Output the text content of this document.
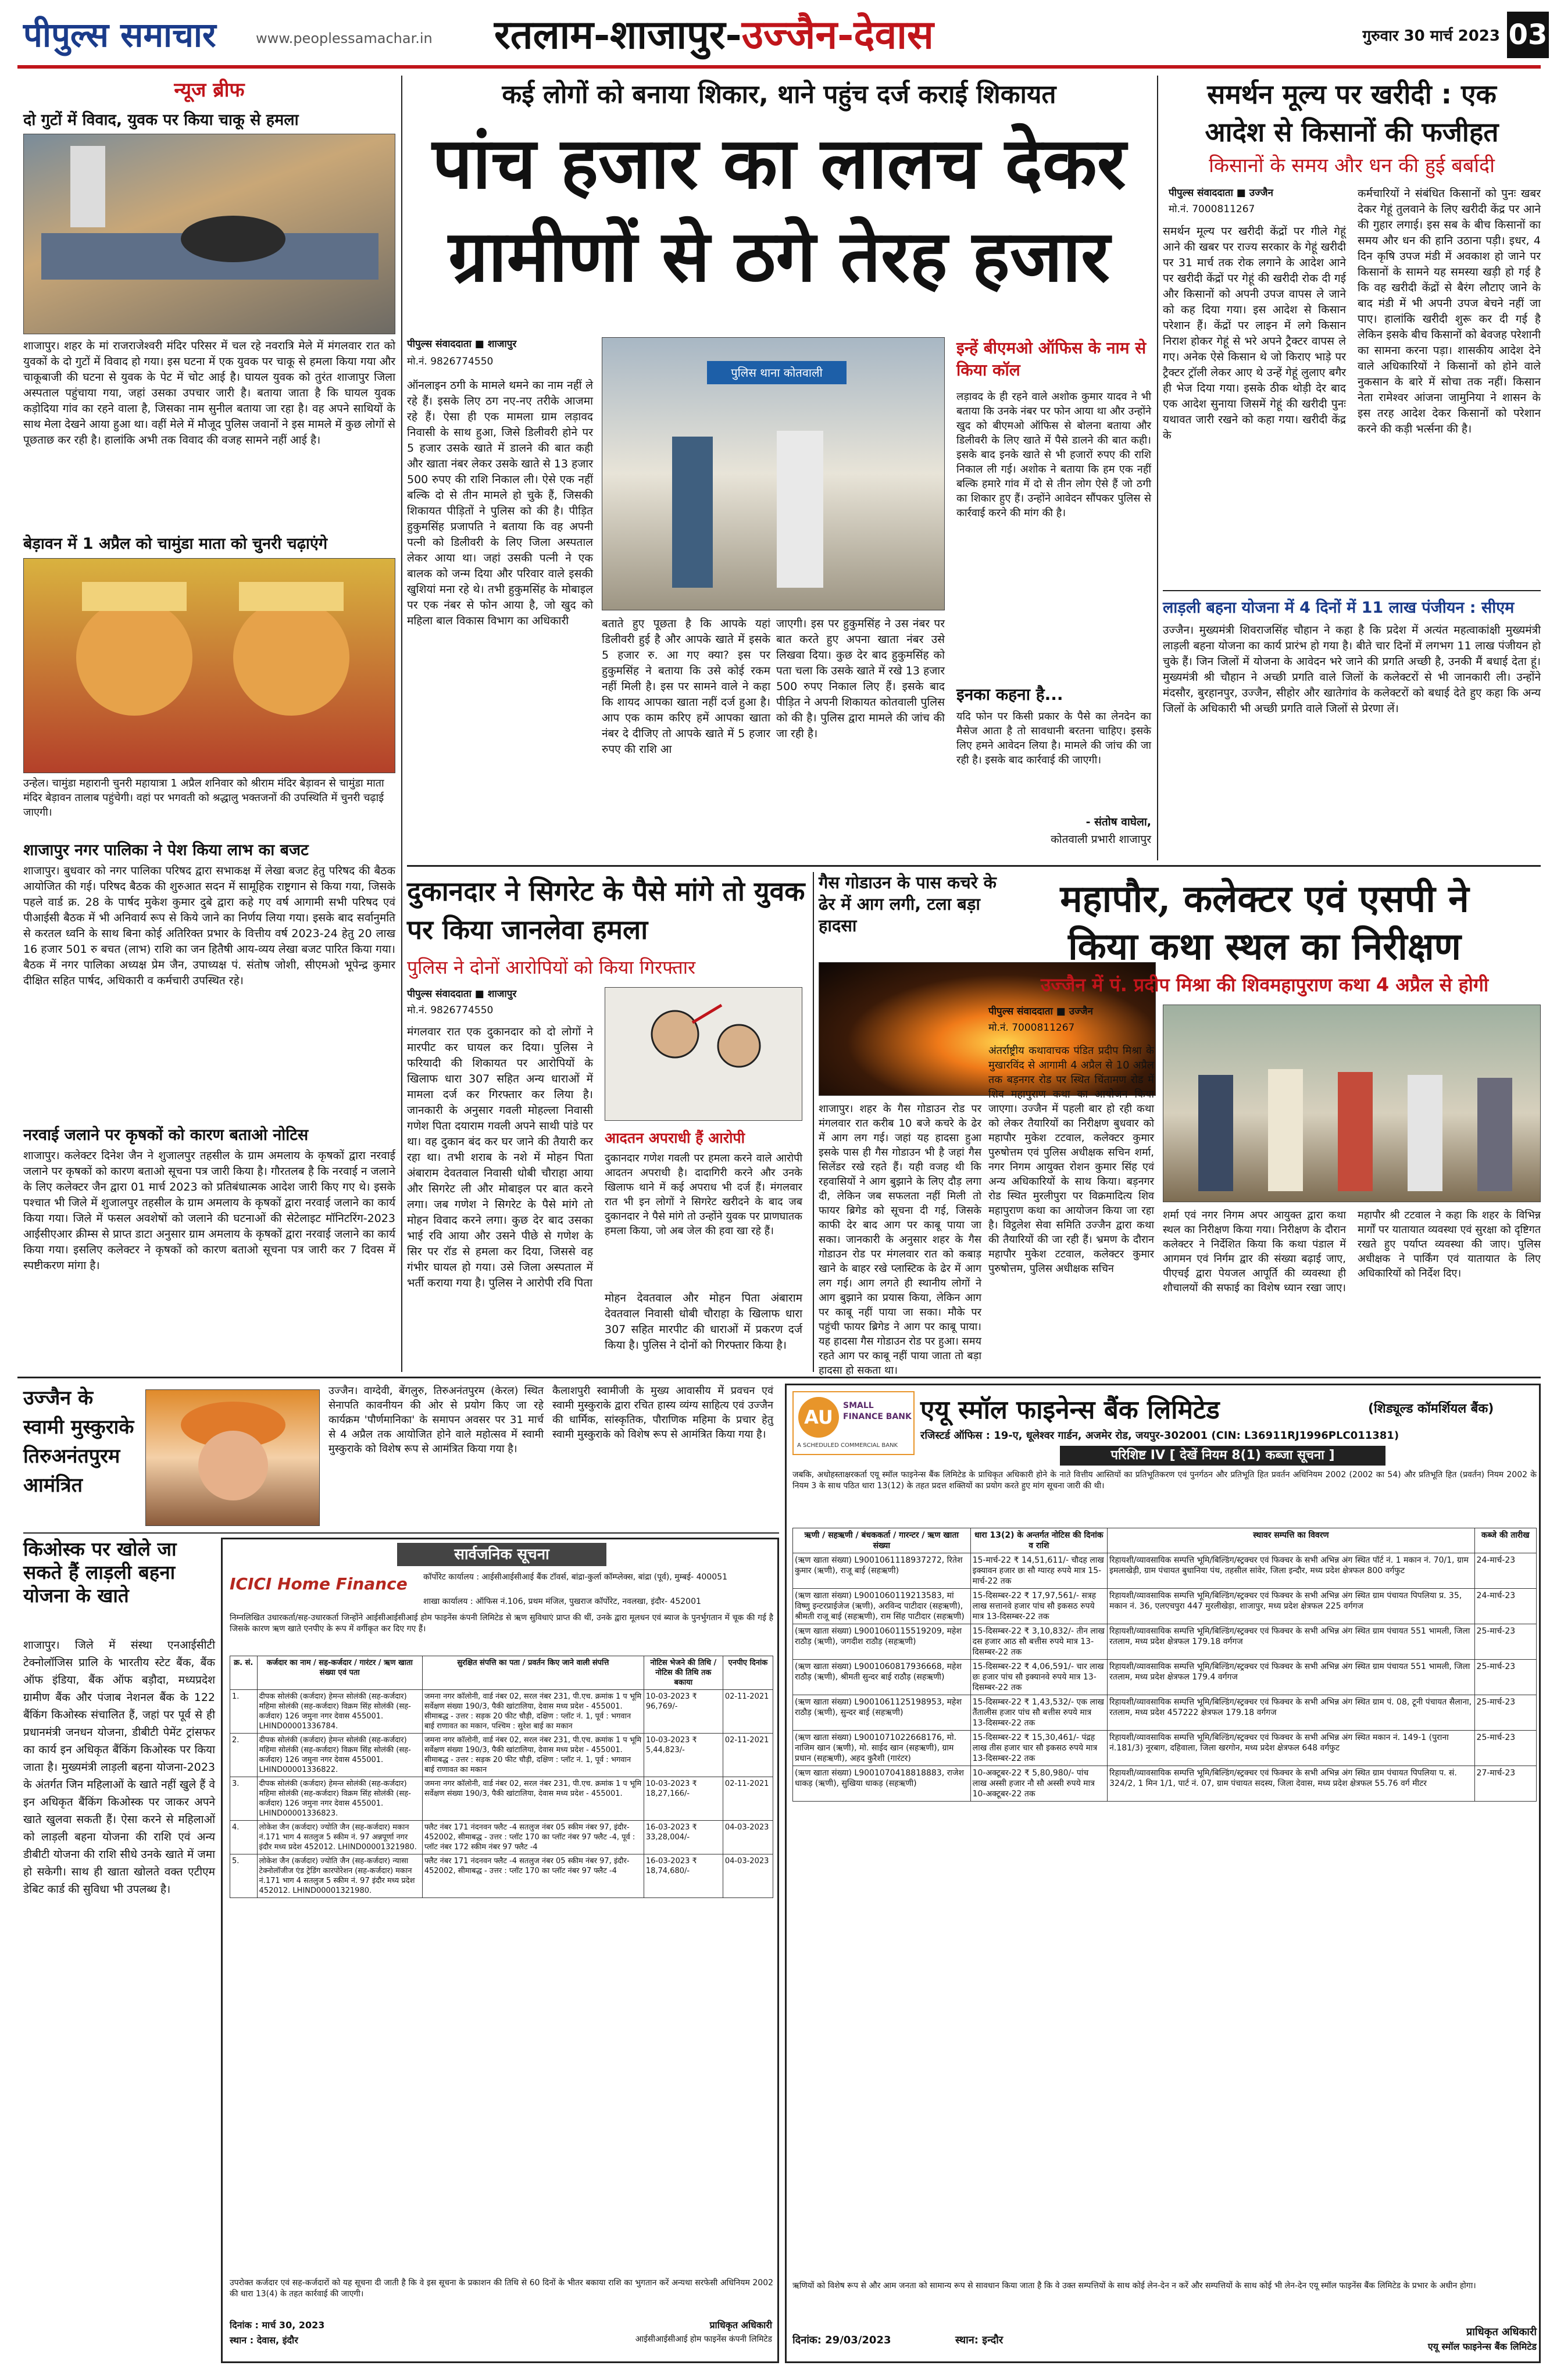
पीपुल्स समाचार	www.peoplessamachar.in	रतलाम-शाजापुर-उज्जैन-देवास	गुरुवार 30 मार्च 2023 03
न्यूज ब्रीफ
दो गुटों में विवाद, युवक पर किया चाकू से हमला
शाजापुर। शहर के मां राजराजेश्वरी मंदिर परिसर में चल रहे नवरात्रि मेले में मंगलवार रात को युवकों के दो गुटों में विवाद हो गया। इस घटना में एक युवक पर चाकू से हमला किया गया और चाकूबाजी की घटना से युवक के पेट में चोट आई है। घायल युवक को तुरंत शाजापुर जिला अस्पताल पहुंचाया गया, जहां उसका उपचार जारी है। बताया जाता है कि घायल युवक कड़ोदिया गांव का रहने वाला है, जिसका नाम सुनील बताया जा रहा है। वह अपने साथियों के साथ मेला देखने आया हुआ था। वहीं मेले में मौजूद पुलिस जवानों ने इस मामले में कुछ लोगों से पूछताछ कर रही है। हालांकि अभी तक विवाद की वजह सामने नहीं आई है।
बेड़ावन में 1 अप्रैल को चामुंडा माता को चुनरी चढ़ाएंगे
उन्हेल। चामुंडा महारानी चुनरी महायात्रा 1 अप्रैल शनिवार को श्रीराम मंदिर बेड़ावन से चामुंडा माता मंदिर बेड़ावन तालाब पहुंचेगी। वहां पर भगवती को श्रद्धालु भक्तजनों की उपस्थिति में चुनरी चढ़ाई जाएगी।
शाजापुर नगर पालिका ने पेश किया लाभ का बजट
शाजापुर। बुधवार को नगर पालिका परिषद द्वारा सभाकक्ष में लेखा बजट हेतु परिषद की बैठक आयोजित की गई। परिषद बैठक की शुरुआत सदन में सामूहिक राष्ट्रगान से किया गया, जिसके पहले वार्ड क्र. 28 के पार्षद मुकेश कुमार दुबे द्वारा कहे गए वर्ष आगामी सभी परिषद एवं पीआईसी बैठक में भी अनिवार्य रूप से किये जाने का निर्णय लिया गया। इसके बाद सर्वानुमति से करतल ध्वनि के साथ बिना कोई अतिरिक्त प्रभार के वित्तीय वर्ष 2023-24 हेतु 20 लाख 16 हजार 501 रु बचत (लाभ) राशि का जन हितैषी आय-व्यय लेखा बजट पारित किया गया। बैठक में नगर पालिका अध्यक्ष प्रेम जैन, उपाध्यक्ष पं. संतोष जोशी, सीएमओ भूपेन्द्र कुमार दीक्षित सहित पार्षद, अधिकारी व कर्मचारी उपस्थित रहे।
नरवाई जलाने पर कृषकों को कारण बताओ नोटिस
शाजापुर। कलेक्टर दिनेश जैन ने शुजालपुर तहसील के ग्राम अमलाय के कृषकों द्वारा नरवाई जलाने पर कृषकों को कारण बताओ सूचना पत्र जारी किया है। गौरतलब है कि नरवाई न जलाने के लिए कलेक्टर जैन द्वारा 01 मार्च 2023 को प्रतिबंधात्मक आदेश जारी किए गए थे। इसके पश्चात भी जिले में शुजालपुर तहसील के ग्राम अमलाय के कृषकों द्वारा नरवाई जलाने का कार्य किया गया। जिले में फसल अवशेषों को जलाने की घटनाओं की सेटेलाइट मॉनिटरिंग-2023 आईसीएआर क्रीम्स से प्राप्त डाटा अनुसार ग्राम अमलाय के कृषकों द्वारा नरवाई जलाने का कार्य किया गया। इसलिए कलेक्टर ने कृषकों को कारण बताओ सूचना पत्र जारी कर 7 दिवस में स्पष्टीकरण मांगा है।
कई लोगों को बनाया शिकार, थाने पहुंच दर्ज कराई शिकायत
पांच हजार का लालच देकर ग्रामीणों से ठगे तेरह हजार
पीपुल्स संवाददाता ■ शाजापुर
मो.नं. 9826774550
ऑनलाइन ठगी के मामले थमने का नाम नहीं ले रहे हैं। इसके लिए ठग नए-नए तरीके आजमा रहे हैं। ऐसा ही एक मामला ग्राम लड़ावद निवासी के साथ हुआ, जिसे डिलीवरी होने पर 5 हजार उसके खाते में डालने की बात कही और खाता नंबर लेकर उसके खाते से 13 हजार 500 रुपए की राशि निकाल ली। ऐसे एक नहीं बल्कि दो से तीन मामले हो चुके हैं, जिसकी शिकायत पीड़ितों ने पुलिस को की है। पीड़ित हुकुमसिंह प्रजापति ने बताया कि वह अपनी पत्नी को डिलीवरी के लिए जिला अस्पताल लेकर आया था। जहां उसकी पत्नी ने एक बालक को जन्म दिया और परिवार वाले इसकी खुशियां मना रहे थे। तभी हुकुमसिंह के मोबाइल पर एक नंबर से फोन आया है, जो खुद को महिला बाल विकास विभाग का अधिकारी
पुलिस थाना कोतवाली
बताते हुए पूछता है कि आपके यहां डिलीवरी हुई है और आपके खाते में इसके 5 हजार रु. आ गए क्या? इस पर हुकुमसिंह ने बताया कि उसे कोई रकम नहीं मिली है। इस पर सामने वाले ने कहा कि शायद आपका खाता नहीं दर्ज हुआ है। आप एक काम करिए हमें आपका खाता नंबर दे दीजिए तो आपके खाते में 5 हजार रुपए की राशि आ
जाएगी। इस पर हुकुमसिंह ने उस नंबर पर बात करते हुए अपना खाता नंबर उसे लिखवा दिया। कुछ देर बाद हुकुमसिंह को पता चला कि उसके खाते में रखे 13 हजार 500 रुपए निकाल लिए हैं। इसके बाद पीड़ित ने अपनी शिकायत कोतवाली पुलिस को की है। पुलिस द्वारा मामले की जांच की जा रही है।
इन्हें बीएमओ ऑफिस के नाम से किया कॉल
लड़ावद के ही रहने वाले अशोक कुमार यादव ने भी बताया कि उनके नंबर पर फोन आया था और उन्होंने खुद को बीएमओ ऑफिस से बोलना बताया और डिलीवरी के लिए खाते में पैसे डालने की बात कही। इसके बाद इनके खाते से भी हजारों रुपए की राशि निकाल ली गई। अशोक ने बताया कि हम एक नहीं बल्कि हमारे गांव में दो से तीन लोग ऐसे हैं जो ठगी का शिकार हुए हैं। उन्होंने आवेदन सौंपकर पुलिस से कार्रवाई करने की मांग की है।
इनका कहना है...
यदि फोन पर किसी प्रकार के पैसे का लेनदेन का मैसेज आता है तो सावधानी बरतना चाहिए। इसके लिए हमने आवेदन लिया है। मामले की जांच की जा रही है। इसके बाद कार्रवाई की जाएगी।
- संतोष वाघेला,
कोतवाली प्रभारी शाजापुर
समर्थन मूल्य पर खरीदी : एक
आदेश से किसानों की फजीहत
किसानों के समय और धन की हुई बर्बादी
पीपुल्स संवाददाता ■ उज्जैन
मो.नं. 7000811267
समर्थन मूल्य पर खरीदी केंद्रों पर गीले गेहूं आने की खबर पर राज्य सरकार के गेहूं खरीदी पर 31 मार्च तक रोक लगाने के आदेश आने पर खरीदी केंद्रों पर गेहूं की खरीदी रोक दी गई और किसानों को अपनी उपज वापस ले जाने को कह दिया गया। इस आदेश से किसान परेशान हैं। केंद्रों पर लाइन में लगे किसान निराश होकर गेहूं से भरे अपने ट्रैक्टर वापस ले गए। अनेक ऐसे किसान थे जो किराए भाड़े पर ट्रैक्टर ट्रॉली लेकर आए थे उन्हें गेहूं लुलाए बगैर ही भेज दिया गया। इसके ठीक थोड़ी देर बाद एक आदेश सुनाया जिसमें गेहूं की खरीदी पुनः यथावत जारी रखने को कहा गया। खरीदी केंद्र के
कर्मचारियों ने संबंधित किसानों को पुनः खबर देकर गेहूं तुलवाने के लिए खरीदी केंद्र पर आने की गुहार लगाई। इस सब के बीच किसानों का समय और धन की हानि उठाना पड़ी। इधर, 4 दिन कृषि उपज मंडी में अवकाश हो जाने पर किसानों के सामने यह समस्या खड़ी हो गई है कि वह खरीदी केंद्रों से बैरंग लौटाए जाने के बाद मंडी में भी अपनी उपज बेचने नहीं जा पाए। हालांकि खरीदी शुरू कर दी गई है लेकिन इसके बीच किसानों को बेवजह परेशानी का सामना करना पड़ा। शासकीय आदेश देने वाले अधिकारियों ने किसानों को होने वाले नुकसान के बारे में सोचा तक नहीं। किसान नेता रामेश्वर आंजना जामुनिया ने शासन के इस तरह आदेश देकर किसानों को परेशान करने की कड़ी भर्त्सना की है।
लाड़ली बहना योजना में 4 दिनों में 11 लाख पंजीयन : सीएम
उज्जैन। मुख्यमंत्री शिवराजसिंह चौहान ने कहा है कि प्रदेश में अत्यंत महत्वाकांक्षी मुख्यमंत्री लाड़ली बहना योजना का कार्य प्रारंभ हो गया है। बीते चार दिनों में लगभग 11 लाख पंजीयन हो चुके हैं। जिन जिलों में योजना के आवेदन भरे जाने की प्रगति अच्छी है, उनकी मैं बधाई देता हूं। मुख्यमंत्री श्री चौहान ने अच्छी प्रगति वाले जिलों के कलेक्टरों से भी जानकारी ली। उन्होंने मंदसौर, बुरहानपुर, उज्जैन, सीहोर और खातेगांव के कलेक्टरों को बधाई देते हुए कहा कि अन्य जिलों के अधिकारी भी अच्छी प्रगति वाले जिलों से प्रेरणा लें।
दुकानदार ने सिगरेट के पैसे मांगे तो युवक पर किया जानलेवा हमला
पुलिस ने दोनों आरोपियों को किया गिरफ्तार
पीपुल्स संवाददाता ■ शाजापुर
मो.नं. 9826774550
मंगलवार रात एक दुकानदार को दो लोगों ने मारपीट कर घायल कर दिया। पुलिस ने फरियादी की शिकायत पर आरोपियों के खिलाफ धारा 307 सहित अन्य धाराओं में मामला दर्ज कर गिरफ्तार कर लिया है। जानकारी के अनुसार गवली मोहल्ला निवासी गणेश पिता दयाराम गवली अपने साथी पांडे पर था। वह दुकान बंद कर घर जाने की तैयारी कर रहा था। तभी शराब के नशे में मोहन पिता अंबाराम देवतवाल निवासी धोबी चौराहा आया और सिगरेट ली और मोबाइल पर बात करने लगा। जब गणेश ने सिगरेट के पैसे मांगे तो मोहन विवाद करने लगा। कुछ देर बाद उसका भाई रवि आया और उसने पीछे से गणेश के सिर पर रॉड से हमला कर दिया, जिससे वह गंभीर घायल हो गया। उसे जिला अस्पताल में भर्ती कराया गया है। पुलिस ने आरोपी रवि पिता
आदतन अपराधी हैं आरोपी
दुकानदार गणेश गवली पर हमला करने वाले आरोपी आदतन अपराधी है। दादागिरी करने और उनके खिलाफ थाने में कई अपराध भी दर्ज हैं। मंगलवार रात भी इन लोगों ने सिगरेट खरीदने के बाद जब दुकानदार ने पैसे मांगे तो उन्होंने युवक पर प्राणघातक हमला किया, जो अब जेल की हवा खा रहे हैं।
मोहन देवतवाल और मोहन पिता अंबाराम देवतवाल निवासी धोबी चौराहा के खिलाफ धारा 307 सहित मारपीट की धाराओं में प्रकरण दर्ज किया है। पुलिस ने दोनों को गिरफ्तार किया है।
गैस गोडाउन के पास कचरे के ढेर में आग लगी, टला बड़ा हादसा
शाजापुर। शहर के गैस गोडाउन रोड पर मंगलवार रात करीब 10 बजे कचरे के ढेर में आग लग गई। जहां यह हादसा हुआ इसके पास ही गैस गोडाउन भी है जहां गैस सिलेंडर रखे रहते हैं। यही वजह थी कि रहवासियों ने आग बुझाने के लिए दौड़ लगा दी, लेकिन जब सफलता नहीं मिली तो फायर ब्रिगेड को सूचना दी गई, जिसके काफी देर बाद आग पर काबू पाया जा सका। जानकारी के अनुसार शहर के गैस गोडाउन रोड पर मंगलवार रात को कबाड़ खाने के बाहर रखे प्लास्टिक के ढेर में आग लग गई। आग लगते ही स्थानीय लोगों ने आग बुझाने का प्रयास किया, लेकिन आग पर काबू नहीं पाया जा सका। मौके पर पहुंची फायर ब्रिगेड ने आग पर काबू पाया। यह हादसा गैस गोडाउन रोड पर हुआ। समय रहते आग पर काबू नहीं पाया जाता तो बड़ा हादसा हो सकता था।
महापौर, कलेक्टर एवं एसपी ने
किया कथा स्थल का निरीक्षण
उज्जैन में पं. प्रदीप मिश्रा की शिवमहापुराण कथा 4 अप्रैल से होगी
पीपुल्स संवाददाता ■ उज्जैन
मो.नं. 7000811267
अंतर्राष्ट्रीय कथावाचक पंडित प्रदीप मिश्रा के मुखारविंद से आगामी 4 अप्रैल से 10 अप्रैल तक बड़नगर रोड पर स्थित चिंतामण रोड में शिव महापुराण कथा का आयोजन किया जाएगा। उज्जैन में पहली बार हो रही कथा को लेकर तैयारियों का निरीक्षण बुधवार को महापौर मुकेश टटवाल, कलेक्टर कुमार पुरुषोत्तम एवं पुलिस अधीक्षक सचिन शर्मा, नगर निगम आयुक्त रोशन कुमार सिंह एवं अन्य अधिकारियों के साथ किया। बड़नगर रोड स्थित मुरलीपुरा पर विक्रमादित्य शिव महापुराण कथा का आयोजन किया जा रहा है। विट्ठलेश सेवा समिति उज्जैन द्वारा कथा की तैयारियों की जा रही हैं। भ्रमण के दौरान महापौर मुकेश टटवाल, कलेक्टर कुमार पुरुषोत्तम, पुलिस अधीक्षक सचिन
शर्मा एवं नगर निगम अपर आयुक्त द्वारा कथा स्थल का निरीक्षण किया गया। निरीक्षण के दौरान कलेक्टर ने निर्देशित किया कि कथा पंडाल में आगमन एवं निर्गम द्वार की संख्या बढ़ाई जाए, पीएचई द्वारा पेयजल आपूर्ति की व्यवस्था ही शौचालयों की सफाई का विशेष ध्यान रखा जाए। महापौर श्री टटवाल ने कहा कि शहर के विभिन्न मार्गों पर यातायात व्यवस्था एवं सुरक्षा को दृष्टिगत रखते हुए पर्याप्त व्यवस्था की जाए। पुलिस अधीक्षक ने पार्किंग एवं यातायात के लिए अधिकारियों को निर्देश दिए।
उज्जैन के स्वामी मुस्कुराके तिरुअनंतपुरम आमंत्रित
उज्जैन। वाग्देवी, बेंगलुरु, तिरुअनंतपुरम (केरल) स्थित सेनापति कावनीयन की ओर से प्रयोग किए जा रहे कार्यक्रम 'पौर्णमानिका' के समापन अवसर पर 31 मार्च से 4 अप्रैल तक आयोजित होने वाले महोत्सव में स्वामी मुस्कुराके को विशेष रूप से आमंत्रित किया गया है।
कैलाशपुरी स्वामीजी के मुख्य आवासीय में प्रवचन एवं स्वामी मुस्कुराके द्वारा रचित हास्य व्यंग्य साहित्य एवं उज्जैन की धार्मिक, सांस्कृतिक, पौराणिक महिमा के प्रचार हेतु स्वामी मुस्कुराके को विशेष रूप से आमंत्रित किया गया है।
किओस्क पर खोले जा सकते हैं लाड़ली बहना योजना के खाते
शाजापुर। जिले में संस्था एनआईसीटी टेक्नोलॉजिस प्रालि के भारतीय स्टेट बैंक, बैंक ऑफ इंडिया, बैंक ऑफ बड़ौदा, मध्यप्रदेश ग्रामीण बैंक और पंजाब नेशनल बैंक के 122 बैंकिंग किओस्क संचालित हैं, जहां पर पूर्व से ही प्रधानमंत्री जनधन योजना, डीबीटी पेमेंट ट्रांसफर का कार्य इन अधिकृत बैंकिंग किओस्क पर किया जाता है। मुख्यमंत्री लाड़ली बहना योजना-2023 के अंतर्गत जिन महिलाओं के खाते नहीं खुले हैं वे इन अधिकृत बैंकिंग किओस्क पर जाकर अपने खाते खुलवा सकती हैं। ऐसा करने से महिलाओं को लाड़ली बहना योजना की राशि एवं अन्य डीबीटी योजना की राशि सीधे उनके खाते में जमा हो सकेगी। साथ ही खाता खोलते वक्त एटीएम डेबिट कार्ड की सुविधा भी उपलब्ध है।
सार्वजनिक सूचना
ICICI Home Finance	कॉर्पोरेट कार्यालय : आईसीआईसीआई बैंक टॉवर्स, बांद्रा-कुर्ला कॉम्प्लेक्स, बांद्रा (पूर्व), मुम्बई- 400051
शाखा कार्यालय : ऑफिस नं.106, प्रथम मंजिल, पुखराज कॉर्पोरेट, नवलखा, इंदौर- 452001
निम्नलिखित उधारकर्ता/सह-उधारकर्ता जिन्होंने आईसीआईसीआई होम फाइनेंस कंपनी लिमिटेड से ऋण सुविधाएं प्राप्त की थीं, उनके द्वारा मूलधन एवं ब्याज के पुनर्भुगतान में चूक की गई है जिसके कारण ऋण खाते एनपीए के रूप में वर्गीकृत कर दिए गए हैं।
क्र. सं.	कर्जदार का नाम / सह-कर्जदार / गारंटर / ऋण खाता संख्या एवं पता	सुरक्षित संपत्ति का पता / प्रवर्तन किए जाने वाली संपत्ति	नोटिस भेजने की तिथि / नोटिस की तिथि तक बकाया	एनपीए दिनांक
1.	दीपक सोलंकी (कर्जदार) हेमन्त सोलंकी (सह-कर्जदार) महिमा सोलंकी (सह-कर्जदार) विक्रम सिंह सोलंकी (सह-कर्जदार) 126 जमुना नगर देवास 455001. LHIND00001336784.	जमना नगर कॉलोनी, वार्ड नंबर 02, सरल नंबर 231, पी.एच. क्रमांक 1 प भूमि सर्वेक्षण संख्या 190/3, पैकी खांटालिया, देवास मध्य प्रदेश - 455001. सीमाबद्ध - उत्तर : सड़क 20 फीट चौड़ी, दक्षिण : प्लॉट नं. 1, पूर्व : भगवान बाई राणावत का मकान, पश्चिम : सुरेश बाई का मकान	10-03-2023 ₹ 96,769/-	02-11-2021
2.	दीपक सोलंकी (कर्जदार) हेमन्त सोलंकी (सह-कर्जदार) महिमा सोलंकी (सह-कर्जदार) विक्रम सिंह सोलंकी (सह-कर्जदार) 126 जमुना नगर देवास 455001. LHIND00001336822.	जमना नगर कॉलोनी, वार्ड नंबर 02, सरल नंबर 231, पी.एच. क्रमांक 1 प भूमि सर्वेक्षण संख्या 190/3, पैकी खांटालिया, देवास मध्य प्रदेश - 455001. सीमाबद्ध - उत्तर : सड़क 20 फीट चौड़ी, दक्षिण : प्लॉट नं. 1, पूर्व : भगवान बाई राणावत का मकान	10-03-2023 ₹ 5,44,823/-	02-11-2021
3.	दीपक सोलंकी (कर्जदार) हेमन्त सोलंकी (सह-कर्जदार) महिमा सोलंकी (सह-कर्जदार) विक्रम सिंह सोलंकी (सह-कर्जदार) 126 जमुना नगर देवास 455001. LHIND00001336823.	जमना नगर कॉलोनी, वार्ड नंबर 02, सरल नंबर 231, पी.एच. क्रमांक 1 प भूमि सर्वेक्षण संख्या 190/3, पैकी खांटालिया, देवास मध्य प्रदेश - 455001.	10-03-2023 ₹ 18,27,166/-	02-11-2021
4.	लोकेश जैन (कर्जदार) ज्योति जैन (सह-कर्जदार) मकान नं.171 भाग 4 सतलुज 5 स्कीम नं. 97 अन्नपूर्णा नगर इंदौर मध्य प्रदेश 452012. LHIND00001321980.	फ्लैट नंबर 171 नंदनवन फ्लैट -4 सतलुज नंबर 05 स्कीम नंबर 97, इंदौर- 452002, सीमाबद्ध - उत्तर : प्लॉट 170 का प्लॉट नंबर 97 फ्लैट -4, पूर्व : प्लॉट नंबर 172 स्कीम नंबर 97 फ्लैट -4	16-03-2023 ₹ 33,28,004/-	04-03-2023
5.	लोकेश जैन (कर्जदार) ज्योति जैन (सह-कर्जदार) न्यासा टेक्नोलॉजीज एंड ट्रेडिंग कारपोरेशन (सह-कर्जदार) मकान नं.171 भाग 4 सतलुज 5 स्कीम नं. 97 इंदौर मध्य प्रदेश 452012. LHIND00001321980.	फ्लैट नंबर 171 नंदनवन फ्लैट -4 सतलुज नंबर 05 स्कीम नंबर 97, इंदौर- 452002, सीमाबद्ध - उत्तर : प्लॉट 170 का प्लॉट नंबर 97 फ्लैट -4	16-03-2023 ₹ 18,74,680/-	04-03-2023
उपरोक्त कर्जदार एवं सह-कर्जदारों को यह सूचना दी जाती है कि वे इस सूचना के प्रकाशन की तिथि से 60 दिनों के भीतर बकाया राशि का भुगतान करें अन्यथा सरफेसी अधिनियम 2002 की धारा 13(4) के तहत कार्रवाई की जाएगी।
दिनांक : मार्च 30, 2023
स्थान : देवास, इंदौर
प्राधिकृत अधिकारी
आईसीआईसीआई होम फाइनेंस कंपनी लिमिटेड
AU
SMALL FINANCE BANK
A SCHEDULED COMMERCIAL BANK
एयू स्मॉल फाइनेन्स बैंक लिमिटेड	(शिड्यूल्ड कॉमर्शियल बैंक)
रजिस्टर्ड ऑफिस : 19-ए, धूलेश्वर गार्डन, अजमेर रोड, जयपुर-302001 (CIN: L36911RJ1996PLC011381)
परिशिष्ट IV [ देखें नियम 8(1) कब्जा सूचना ]
जबकि, अधोहस्ताक्षरकर्ता एयू स्मॉल फाइनेन्स बैंक लिमिटेड के प्राधिकृत अधिकारी होने के नाते वित्तीय आस्तियों का प्रतिभूतिकरण एवं पुनर्गठन और प्रतिभूति हित प्रवर्तन अधिनियम 2002 (2002 का 54) और प्रतिभूति हित (प्रवर्तन) नियम 2002 के नियम 3 के साथ पठित धारा 13(12) के तहत प्रदत्त शक्तियों का प्रयोग करते हुए मांग सूचना जारी की थी।
ऋणी / सहऋणी / बंधककर्ता / गारन्टर / ऋण खाता संख्या	धारा 13(2) के अन्तर्गत नोटिस की दिनांक व राशि	स्थावर सम्पत्ति का विवरण	कब्जे की तारीख
(ऋण खाता संख्या) L9001061118937272, रितेश कुमार (ऋणी), राजू बाई (सहऋणी)	15-मार्च-22 ₹ 14,51,611/- चौदह लाख इक्यावन हजार छः सौ ग्यारह रुपये मात्र 15-मार्च-22 तक	रिहायशी/व्यावसायिक सम्पत्ति भूमि/बिल्डिंग/स्ट्रक्चर एवं फिक्चर के सभी अभिन्न अंग स्थित पॉर्ट नं. 1 मकान नं. 70/1, ग्राम इमलाखेड़ी, ग्राम पंचायत बुधानिया पंथ, तहसील सांवेर, जिला इन्दौर, मध्य प्रदेश क्षेत्रफल 800 वर्गफुट	24-मार्च-23
(ऋण खाता संख्या) L9001060119213583, मां विष्णु इन्टरप्राईजेज (ऋणी), अरविन्द पाटीदार (सहऋणी), श्रीमती राजू बाई (सहऋणी), राम सिंह पाटीदार (सहऋणी)	15-दिसम्बर-22 ₹ 17,97,561/- सत्रह लाख सत्तानवे हजार पांच सौ इकसठ रुपये मात्र 13-दिसम्बर-22 तक	रिहायशी/व्यावसायिक सम्पत्ति भूमि/बिल्डिंग/स्ट्रक्चर एवं फिक्चर के सभी अभिन्न अंग स्थित ग्राम पंचायत पिपलिया प्र. 35, मकान नं. 36, एलएचपुरा 447 मुरलीखेड़ा, शाजापुर, मध्य प्रदेश क्षेत्रफल 225 वर्गगज	24-मार्च-23
(ऋण खाता संख्या) L9001060115519209, महेश राठौड़ (ऋणी), जगदीश राठौड़ (सहऋणी)	15-दिसम्बर-22 ₹ 3,10,832/- तीन लाख दस हजार आठ सौ बत्तीस रुपये मात्र 13-दिसम्बर-22 तक	रिहायशी/व्यावसायिक सम्पत्ति भूमि/बिल्डिंग/स्ट्रक्चर एवं फिक्चर के सभी अभिन्न अंग स्थित ग्राम पंचायत 551 भामली, जिला रतलाम, मध्य प्रदेश क्षेत्रफल 179.18 वर्गगज	25-मार्च-23
(ऋण खाता संख्या) L9001060817936668, महेश राठौड़ (ऋणी), श्रीमती सुन्दर बाई राठौड़ (सहऋणी)	15-दिसम्बर-22 ₹ 4,06,591/- चार लाख छः हजार पांच सौ इक्यानवे रुपये मात्र 13-दिसम्बर-22 तक	रिहायशी/व्यावसायिक सम्पत्ति भूमि/बिल्डिंग/स्ट्रक्चर एवं फिक्चर के सभी अभिन्न अंग स्थित ग्राम पंचायत 551 भामली, जिला रतलाम, मध्य प्रदेश क्षेत्रफल 179.4 वर्गगज	25-मार्च-23
(ऋण खाता संख्या) L9001061125198953, महेश राठौड़ (ऋणी), सुन्दर बाई (सहऋणी)	15-दिसम्बर-22 ₹ 1,43,532/- एक लाख तैंतालीस हजार पांच सौ बत्तीस रुपये मात्र 13-दिसम्बर-22 तक	रिहायशी/व्यावसायिक सम्पत्ति भूमि/बिल्डिंग/स्ट्रक्चर एवं फिक्चर के सभी अभिन्न अंग स्थित ग्राम पं. 08, टूनी पंचायत सैलाना, रतलाम, मध्य प्रदेश 457222 क्षेत्रफल 179.18 वर्गगज	25-मार्च-23
(ऋण खाता संख्या) L9001071022668176, मो. नाजिम खान (ऋणी), मो. साईद खान (सहऋणी), ग्राम प्रधान (सहऋणी), अहद कुरैशी (गारंटर)	15-दिसम्बर-22 ₹ 15,30,461/- पंद्रह लाख तीस हजार चार सौ इकसठ रुपये मात्र 13-दिसम्बर-22 तक	रिहायशी/व्यावसायिक सम्पत्ति भूमि/बिल्डिंग/स्ट्रक्चर एवं फिक्चर के सभी अभिन्न अंग स्थित मकान नं. 149-1 (पुराना नं.181/3) नूरबाग, दहिवाला, जिला खरगोन, मध्य प्रदेश क्षेत्रफल 648 वर्गफुट	25-मार्च-23
(ऋण खाता संख्या) L9001070418818883, राजेश धाकड़ (ऋणी), सुखिया धाकड़ (सहऋणी)	10-अक्टूबर-22 ₹ 5,80,980/- पांच लाख अस्सी हजार नौ सौ अस्सी रुपये मात्र 10-अक्टूबर-22 तक	रिहायशी/व्यावसायिक सम्पत्ति भूमि/बिल्डिंग/स्ट्रक्चर एवं फिक्चर के सभी अभिन्न अंग स्थित ग्राम पंचायत पिपलिया प. सं. 324/2, 1 मिन 1/1, पार्ट नं. 07, ग्राम पंचायत सदस्य, जिला देवास, मध्य प्रदेश क्षेत्रफल 55.76 वर्ग मीटर	27-मार्च-23
ऋणियों को विशेष रूप से और आम जनता को सामान्य रूप से सावधान किया जाता है कि वे उक्त सम्पत्तियों के साथ कोई लेन-देन न करें और सम्पत्तियों के साथ कोई भी लेन-देन एयू स्मॉल फाइनेंस बैंक लिमिटेड के प्रभार के अधीन होगा।
दिनांक: 29/03/2023	स्थान: इन्दौर
प्राधिकृत अधिकारी
एयू स्मॉल फाइनेन्स बैंक लिमिटेड
